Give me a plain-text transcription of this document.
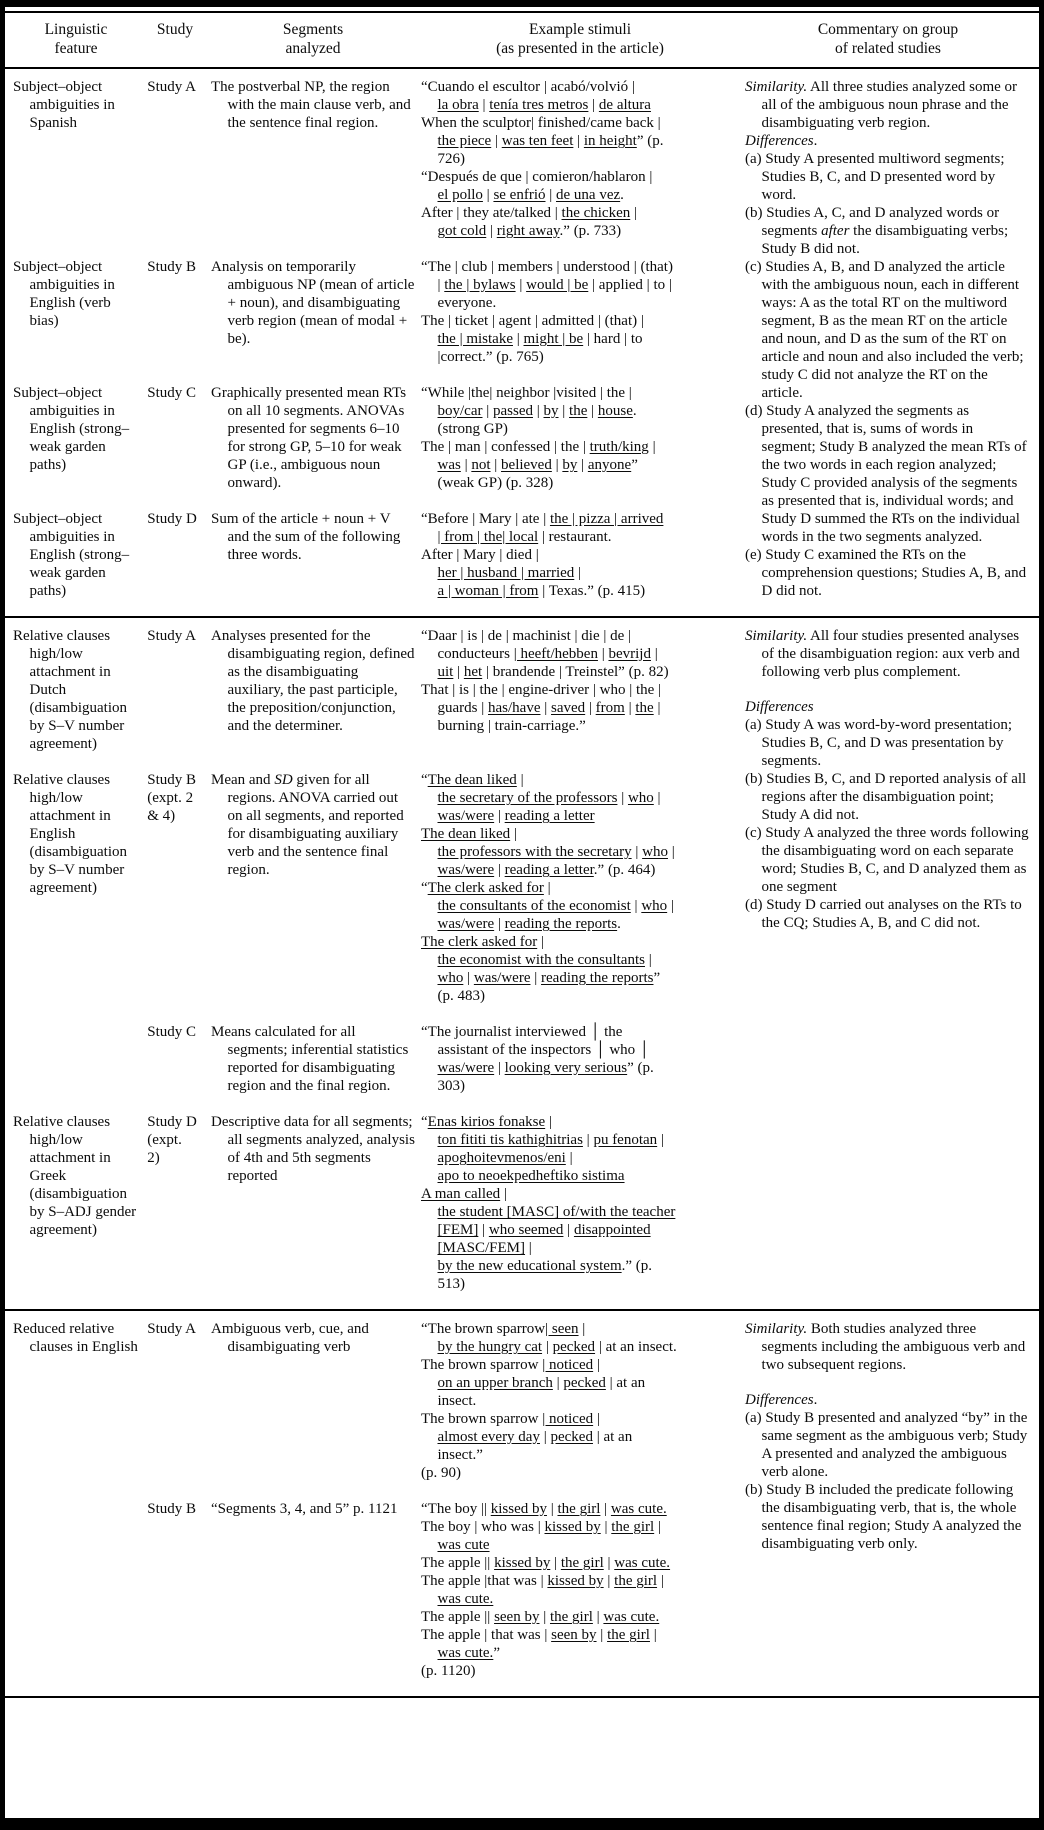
Linguistic
feature
Study	Segments
analyzed
Example stimuli
(as presented in the article)
Commentary on group
of related studies
Subject–object ambiguities in Spanish
Study A The postverbal NP, the region with the main clause verb, and the sentence final region.
“Cuando el escultor | acabó/volvió |
la obra | tenía tres metros | de altura
When the sculptor| finished/came back |
the piece | was ten feet | in height” (p.
726)
“Después de que | comieron/hablaron |
el pollo | se enfrió | de una vez.
After | they ate/talked | the chicken |
got cold | right away.” (p. 733)
Subject–object ambiguities in English (verb bias)
Study B Analysis on temporarily ambiguous NP (mean of article + noun), and disambiguating verb region (mean of modal + be).
“The | club | members | understood | (that)
| the | bylaws | would | be | applied | to |
everyone.
The | ticket | agent | admitted | (that) |
the | mistake | might | be | hard | to
|correct.” (p. 765)
Subject–object ambiguities in English (strong–weak garden paths)
Study C Graphically presented mean RTs on all 10 segments. ANOVAs presented for segments 6–10 for strong GP, 5–10 for weak GP (i.e., ambiguous noun onward).
“While |the| neighbor |visited | the |
boy/car | passed | by | the | house.
(strong GP)
The | man | confessed | the | truth/king |
was | not | believed | by | anyone”
(weak GP) (p. 328)
Subject–object ambiguities in English (strong–weak garden paths)
Study D Sum of the article + noun + V and the sum of the following three words.
“Before | Mary | ate | the | pizza | arrived
| from | the| local | restaurant.
After | Mary | died |
her | husband | married |
a | woman | from | Texas.” (p. 415)
Similarity. All three studies analyzed some or all of the ambiguous noun phrase and the disambiguating verb region.
Differences.
(a) Study A presented multiword segments; Studies B, C, and D presented word by word.
(b) Studies A, C, and D analyzed words or segments after the disambiguating verbs; Study B did not.
(c) Studies A, B, and D analyzed the article with the ambiguous noun, each in different ways: A as the total RT on the multiword segment, B as the mean RT on the article and noun, and D as the sum of the RT on article and noun and also included the verb; study C did not analyze the RT on the article.
(d) Study A analyzed the segments as presented, that is, sums of words in segment; Study B analyzed the mean RTs of the two words in each region analyzed; Study C provided analysis of the segments as presented that is, individual words; and Study D summed the RTs on the individual words in the two segments analyzed.
(e) Study C examined the RTs on the comprehension questions; Studies A, B, and D did not.
Relative clauses high/low attachment in Dutch (disambiguation by S–V number agreement)
Study A Analyses presented for the disambiguating region, defined as the disambiguating auxiliary, the past participle, the preposition/conjunction, and the determiner.
“Daar | is | de | machinist | die | de |
conducteurs | heeft/hebben | bevrijd |
uit | het | brandende | Treinstel” (p. 82)
That | is | the | engine-driver | who | the |
guards | has/have | saved | from | the |
burning | train-carriage.”
Relative clauses high/low attachment in English (disambiguation by S–V number agreement)
Study B
(expt. 2
& 4)
Mean and SD given for all regions. ANOVA carried out on all segments, and reported for disambiguating auxiliary verb and the sentence final region.
“The dean liked |
the secretary of the professors | who |
was/were | reading a letter
The dean liked |
the professors with the secretary | who |
was/were | reading a letter.” (p. 464)
“The clerk asked for |
the consultants of the economist | who |
was/were | reading the reports.
The clerk asked for |
the economist with the consultants |
who | was/were | reading the reports”
(p. 483)
Study C Means calculated for all segments; inferential statistics reported for disambiguating region and the final region.
“The journalist interviewed │ the
assistant of the inspectors │ who │
was/were | looking very serious” (p.
303)
Relative clauses high/low attachment in Greek (disambiguation by S–ADJ gender agreement)
Study D
(expt.
2)
Descriptive data for all segments; all segments analyzed, analysis of 4th and 5th segments reported
“Enas kirios fonakse |
ton fititi tis kathighitrias | pu fenotan |
apoghoitevmenos/eni |
apo to neoekpedheftiko sistima
A man called |
the student [MASC] of/with the teacher
[FEM] | who seemed | disappointed
[MASC/FEM] |
by the new educational system.” (p.
513)
Similarity. All four studies presented analyses of the disambiguation region: aux verb and following verb plus complement.
Differences
(a) Study A was word-by-word presentation; Studies B, C, and D was presentation by segments.
(b) Studies B, C, and D reported analysis of all regions after the disambiguation point; Study A did not.
(c) Study A analyzed the three words following the disambiguating word on each separate word; Studies B, C, and D analyzed them as one segment
(d) Study D carried out analyses on the RTs to the CQ; Studies A, B, and C did not.
Reduced relative clauses in English
Study A Ambiguous verb, cue, and disambiguating verb
“The brown sparrow| seen |
by the hungry cat | pecked | at an insect.
The brown sparrow | noticed |
on an upper branch | pecked | at an
insect.
The brown sparrow | noticed |
almost every day | pecked | at an
insect.”
(p. 90)
Study B “Segments 3, 4, and 5” p. 1121	“The boy || kissed by | the girl | was cute.
The boy | who was | kissed by | the girl |
was cute
The apple || kissed by | the girl | was cute.
The apple |that was | kissed by | the girl |
was cute.
The apple || seen by | the girl | was cute.
The apple | that was | seen by | the girl |
was cute.”
(p. 1120)
Similarity. Both studies analyzed three segments including the ambiguous verb and two subsequent regions.
Differences.
(a) Study B presented and analyzed “by” in the same segment as the ambiguous verb; Study A presented and analyzed the ambiguous verb alone.
(b) Study B included the predicate following the disambiguating verb, that is, the whole sentence final region; Study A analyzed the disambiguating verb only.
